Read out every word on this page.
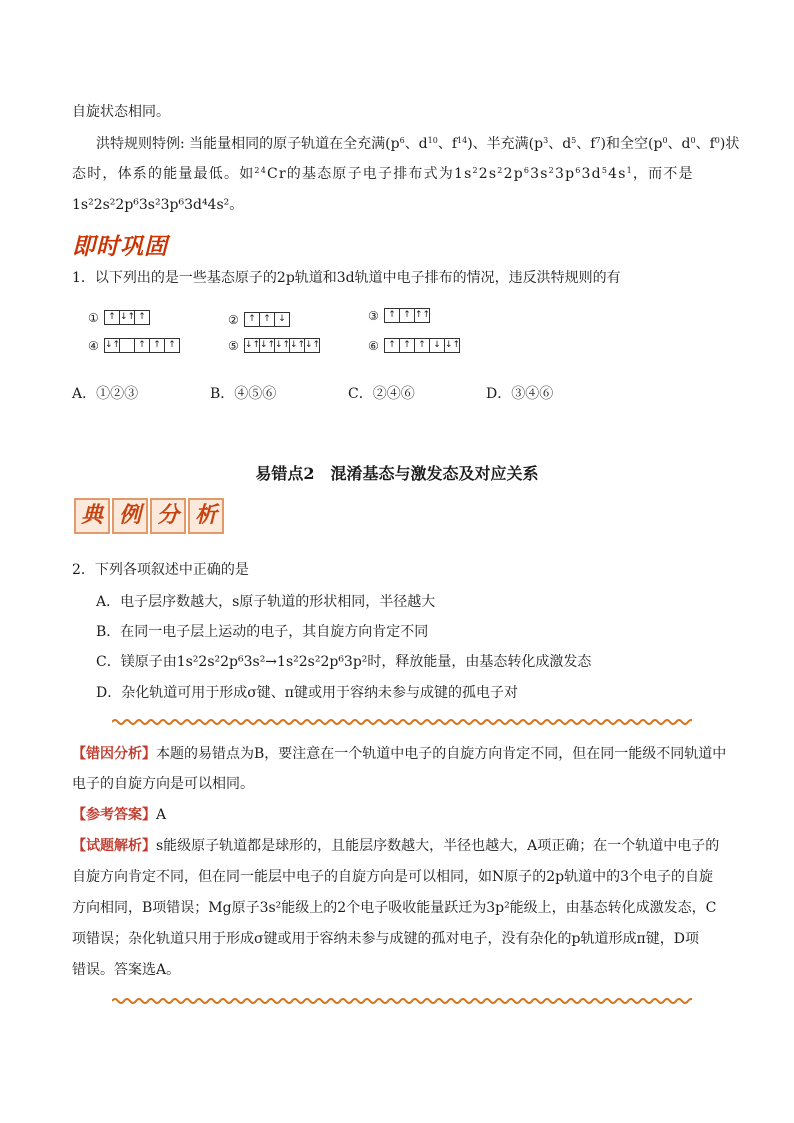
自旋状态相同。
洪特规则特例: 当能量相同的原子轨道在全充满($p^6$、$d^{10}$、$f^{14}$)、半充满($p^3$、$d^5$、$f^7$)和全空($p^0$、$d^0$、$f^0$)状
态时，体系的能量最低。如$^{24}$Cr的基态原子电子排布式为$1s^22s^22p^63s^23p^63d^54s^1$，而不是
1s²2s²2p⁶3s²3p⁶3d⁴4s²。
即时巩固
1．以下列出的是一些基态原子的2p轨道和3d轨道中电子排布的情况，违反洪特规则的有
①	↑ ↓↑ ↑	②	↑ ↑ ↓	③	↑ ↑ ↑↑
④ ↓↑	↑ ↑ ↑	⑤ ↓↑ ↓↑ ↓↑ ↓↑ ↓↑	⑥	↑ ↑ ↑ ↓ ↓↑
A．①②③	B．④⑤⑥	C．②④⑥	D．③④⑥
易错点2　混淆基态与激发态及对应关系
典 例 分 析
2．下列各项叙述中正确的是
A．电子层序数越大，s原子轨道的形状相同，半径越大
B．在同一电子层上运动的电子，其自旋方向肯定不同
C．镁原子由1s²2s²2p⁶3s²→1s²2s²2p⁶3p²时，释放能量，由基态转化成激发态
D．杂化轨道可用于形成σ键、π键或用于容纳未参与成键的孤电子对
【错因分析】本题的易错点为B，要注意在一个轨道中电子的自旋方向肯定不同，但在同一能级不同轨道中
电子的自旋方向是可以相同。
【参考答案】A
【试题解析】s能级原子轨道都是球形的，且能层序数越大，半径也越大，A项正确；在一个轨道中电子的
自旋方向肯定不同，但在同一能层中电子的自旋方向是可以相同，如N原子的2p轨道中的3个电子的自旋
方向相同，B项错误；Mg原子3s²能级上的2个电子吸收能量跃迁为3p²能级上，由基态转化成激发态，C
项错误；杂化轨道只用于形成σ键或用于容纳未参与成键的孤对电子，没有杂化的p轨道形成π键，D项
错误。答案选A。
